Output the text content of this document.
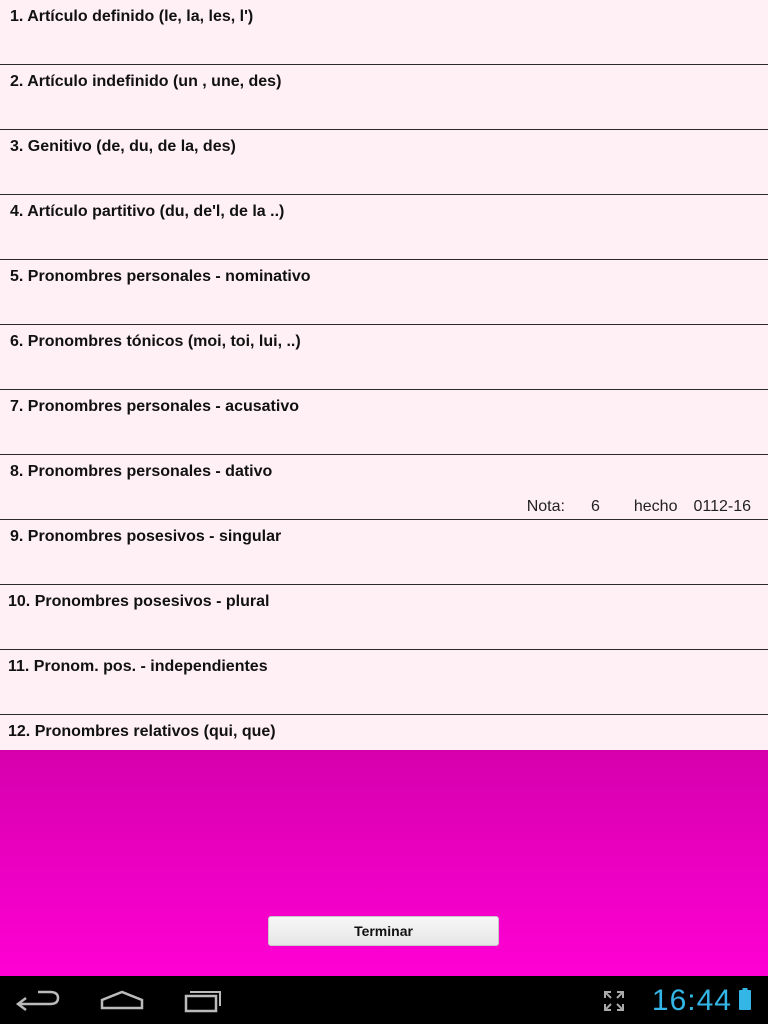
1. Artículo definido (le, la, les, l')
2. Artículo indefinido (un , une, des)
3. Genitivo (de, du, de la, des)
4. Artículo partitivo (du, de'l, de la ..)
5. Pronombres personales - nominativo
6. Pronombres tónicos (moi, toi, lui, ..)
7. Pronombres personales - acusativo
8. Pronombres personales - dativo
Nota: 6 hecho 0112-16
9. Pronombres posesivos - singular
10. Pronombres posesivos - plural
11. Pronom. pos. - independientes
12. Pronombres relativos (qui, que)
Terminar
16:44
